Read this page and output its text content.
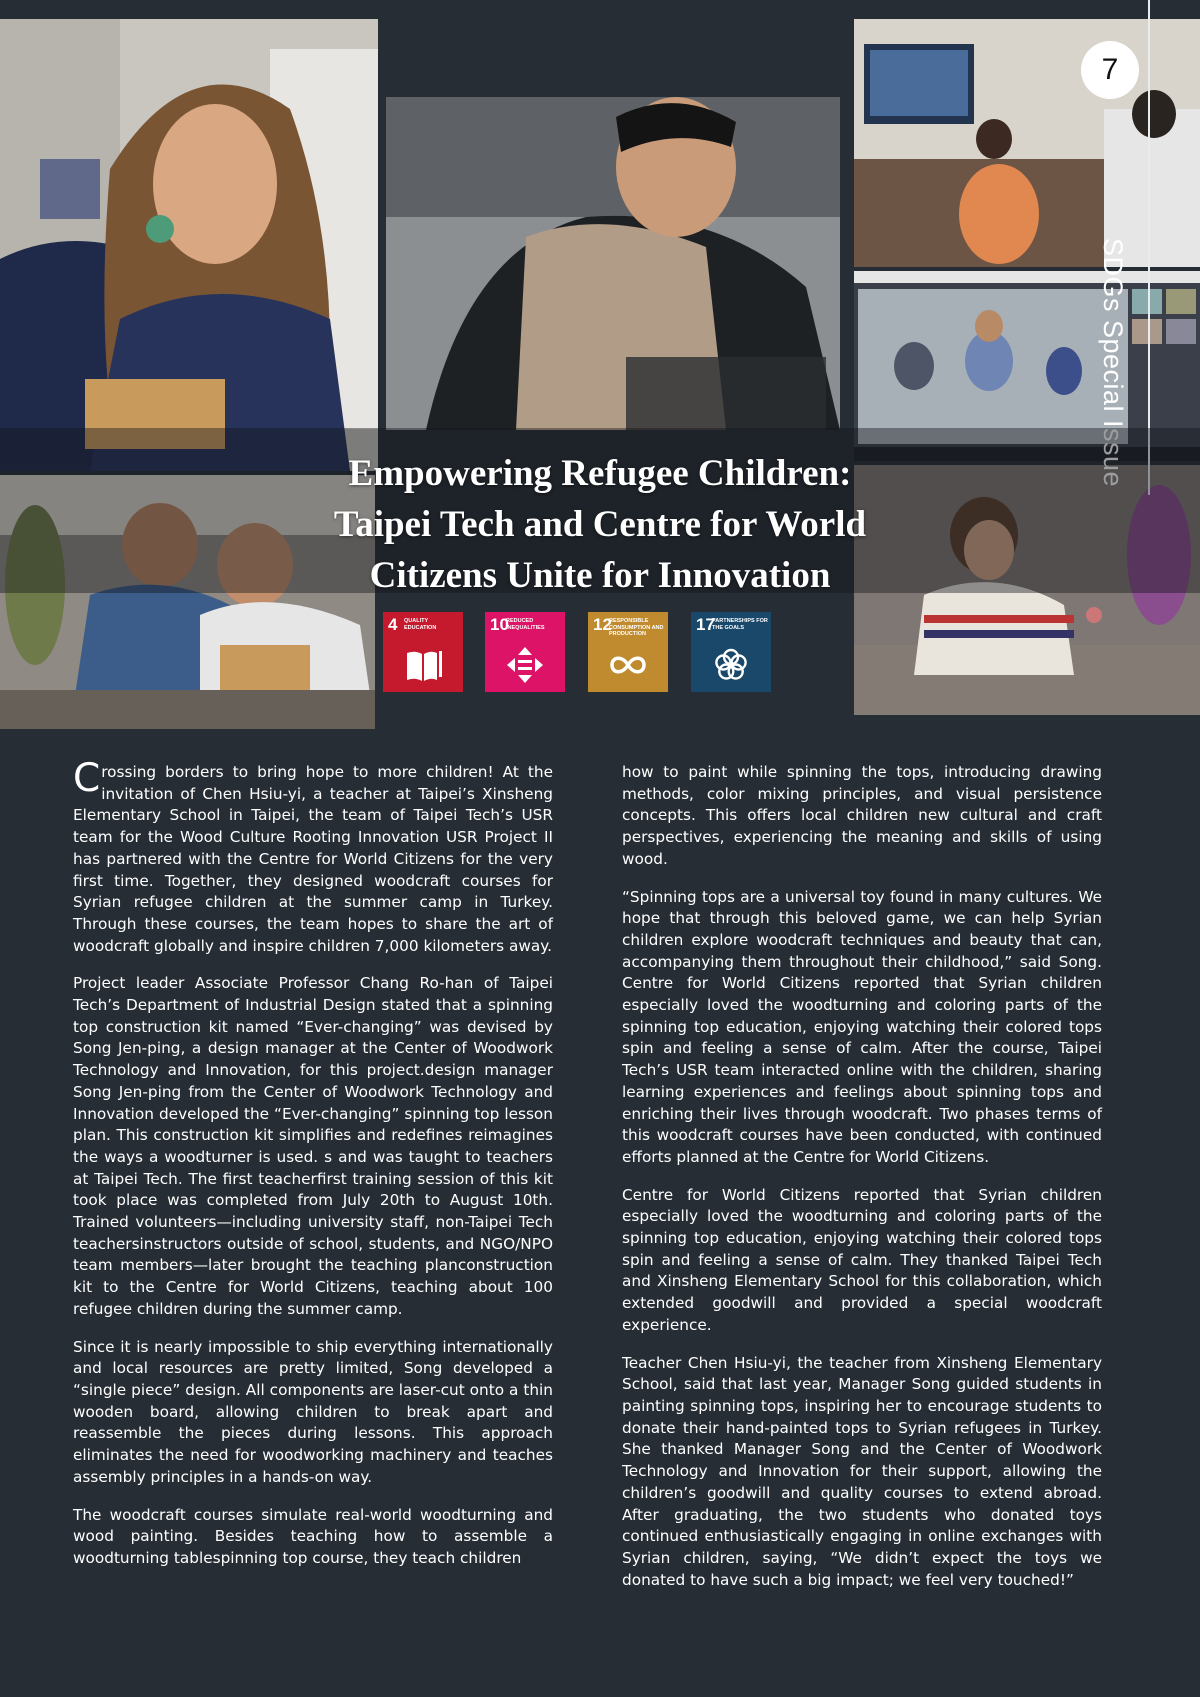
7
SDGs Special Issue
Empowering Refugee Children:
Taipei Tech and Centre for World
Citizens Unite for Innovation
4 QUALITY EDUCATION	10
REDUCED INEQUALITIES	12
RESPONSIBLE CONSUMPTION AND PRODUCTION	17
PARTNERSHIPS FOR THE GOALS

Crossing borders to bring hope to more children! At the invitation of Chen Hsiu-yi, a teacher at Taipei’s Xinsheng Elementary School in Taipei, the team of Taipei Tech’s USR team for the Wood Culture Rooting Innovation USR Project II has partnered with the Centre for World Citizens for the very first time. Together, they designed woodcraft courses for Syrian refugee children at the summer camp in Turkey. Through these courses, the team hopes to share the art of woodcraft globally and inspire children 7,000 kilometers away.

Project leader Associate Professor Chang Ro-han of Taipei Tech’s Department of Industrial Design stated that a spinning top construction kit named “Ever-changing” was devised by Song Jen-ping, a design manager at the Center of Woodwork Technology and Innovation, for this project.design manager Song Jen-ping from the Center of Woodwork Technology and Innovation developed the “Ever-changing” spinning top lesson plan. This construction kit simplifies and redefines reimagines the ways a woodturner is used. s and was taught to teachers at Taipei Tech. The first teacherfirst training session of this kit took place was completed from July 20th to August 10th. Trained volunteers—including university staff, non-Taipei Tech teachersinstructors outside of school, students, and NGO/NPO team members—later brought the teaching planconstruction kit to the Centre for World Citizens, teaching about 100 refugee children during the summer camp.

Since it is nearly impossible to ship everything internationally and local resources are pretty limited, Song developed a “single piece” design. All components are laser-cut onto a thin wooden board, allowing children to break apart and reassemble the pieces during lessons. This approach eliminates the need for woodworking machinery and teaches assembly principles in a hands-on way.

The woodcraft courses simulate real-world woodturning and wood painting. Besides teaching how to assemble a woodturning tablespinning top course, they teach children

how to paint while spinning the tops, introducing drawing methods, color mixing principles, and visual persistence concepts. This offers local children new cultural and craft perspectives, experiencing the meaning and skills of using wood.

“Spinning tops are a universal toy found in many cultures. We hope that through this beloved game, we can help Syrian children explore woodcraft techniques and beauty that can, accompanying them throughout their childhood,” said Song. Centre for World Citizens reported that Syrian children especially loved the woodturning and coloring parts of the spinning top education, enjoying watching their colored tops spin and feeling a sense of calm. After the course, Taipei Tech’s USR team interacted online with the children, sharing learning experiences and feelings about spinning tops and enriching their lives through woodcraft. Two phases terms of this woodcraft courses have been conducted, with continued efforts planned at the Centre for World Citizens.

Centre for World Citizens reported that Syrian children especially loved the woodturning and coloring parts of the spinning top education, enjoying watching their colored tops spin and feeling a sense of calm. They thanked Taipei Tech and Xinsheng Elementary School for this collaboration, which extended goodwill and provided a special woodcraft experience.

Teacher Chen Hsiu-yi, the teacher from Xinsheng Elementary School, said that last year, Manager Song guided students in painting spinning tops, inspiring her to encourage students to donate their hand-painted tops to Syrian refugees in Turkey. She thanked Manager Song and the Center of Woodwork Technology and Innovation for their support, allowing the children’s goodwill and quality courses to extend abroad. After graduating, the two students who donated toys continued enthusiastically engaging in online exchanges with Syrian children, saying, “We didn’t expect the toys we donated to have such a big impact; we feel very touched!”
